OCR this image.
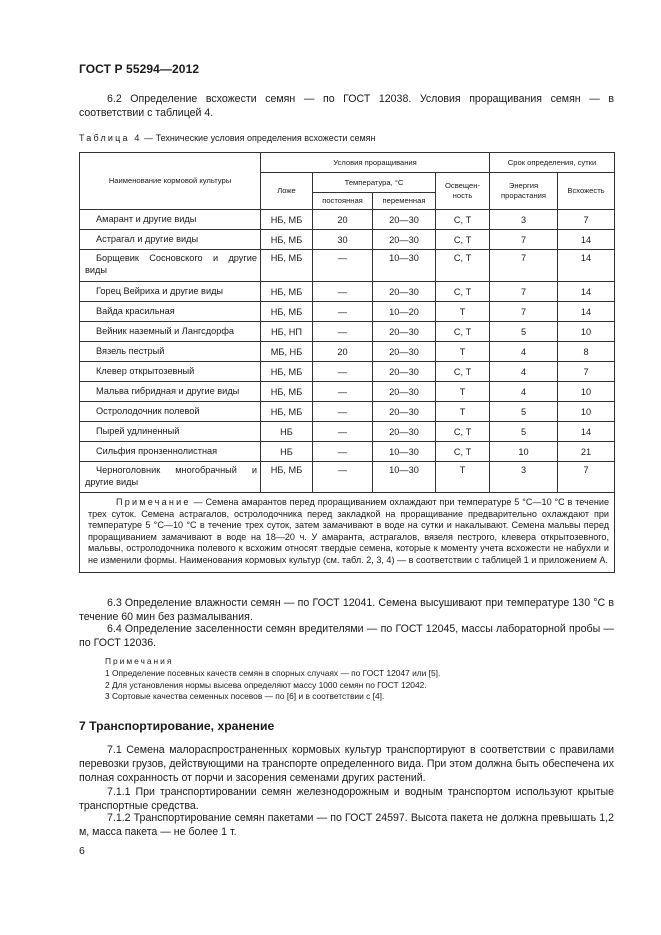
ГОСТ Р 55294—2012
6.2 Определение всхожести семян — по ГОСТ 12038. Условия проращивания семян — в соответствии с таблицей 4.
Таблица 4 — Технические условия определения всхожести семян
Наименование кормовой культуры	Условия проращивания				Срок определения, сутки	
	Ложе	Температура, °С		Освещен-ность	Энергия прорастания	Всхожесть
		постоянная	переменная			
Амарант и другие виды	НБ, МБ	20	20—30	С, Т	3	7
Астрагал и другие виды	НБ, МБ	30	20—30	С, Т	7	14
Борщевик Сосновского и другие виды	НБ, МБ	—	10—30	С, Т	7	14
Горец Вейриха и другие виды	НБ, МБ	—	20—30	С, Т	7	14
Вайда красильная	НБ, МБ	—	10—20	Т	7	14
Вейник наземный и Лангсдорфа	НБ, НП	—	20—30	С, Т	5	10
Вязель пестрый	МБ, НБ	20	20—30	Т	4	8
Клевер открытозевный	НБ, МБ	—	20—30	С, Т	4	7
Мальва гибридная и другие виды	НБ, МБ	—	20—30	Т	4	10
Остролодочник полевой	НБ, МБ	—	20—30	Т	5	10
Пырей удлиненный	НБ	—	20—30	С, Т	5	14
Сильфия пронзеннолистная	НБ	—	10—30	С, Т	10	21
Черноголовник многобрачный и другие виды	НБ, МБ	—	10—30	Т	3	7
Примечание — Семена амарантов перед проращиванием охлаждают при температуре 5 °С—10 °С в течение трех суток. Семена астрагалов, остролодочника перед закладкой на проращивание предварительно охлаждают при температуре 5 °С—10 °С в течение трех суток, затем замачивают в воде на сутки и накалывают. Семена мальвы перед проращиванием замачивают в воде на 18—20 ч. У амаранта, астрагалов, вязеля пестрого, клевера открытозевного, мальвы, остролодочника полевого к всхожим относят твердые семена, которые к моменту учета всхожести не набухли и не изменили формы. Наименования кормовых культур (см. табл. 2, 3, 4) — в соответствии с таблицей 1 и приложением А.						
6.3 Определение влажности семян — по ГОСТ 12041. Семена высушивают при температуре 130 °С в течение 60 мин без размалывания.
6.4 Определение заселенности семян вредителями — по ГОСТ 12045, массы лабораторной пробы — по ГОСТ 12036.
Примечания
1 Определение посевных качеств семян в спорных случаях — по ГОСТ 12047 или [5].
2 Для установления нормы высева определяют массу 1000 семян по ГОСТ 12042.
3 Сортовые качества семенных посевов — по [6] и в соответствии с [4].
7 Транспортирование, хранение
7.1 Семена малораспространенных кормовых культур транспортируют в соответствии с правилами перевозки грузов, действующими на транспорте определенного вида. При этом должна быть обеспечена их полная сохранность от порчи и засорения семенами других растений.
7.1.1 При транспортировании семян железнодорожным и водным транспортом используют крытые транспортные средства.
7.1.2 Транспортирование семян пакетами — по ГОСТ 24597. Высота пакета не должна превышать 1,2 м, масса пакета — не более 1 т.
6
